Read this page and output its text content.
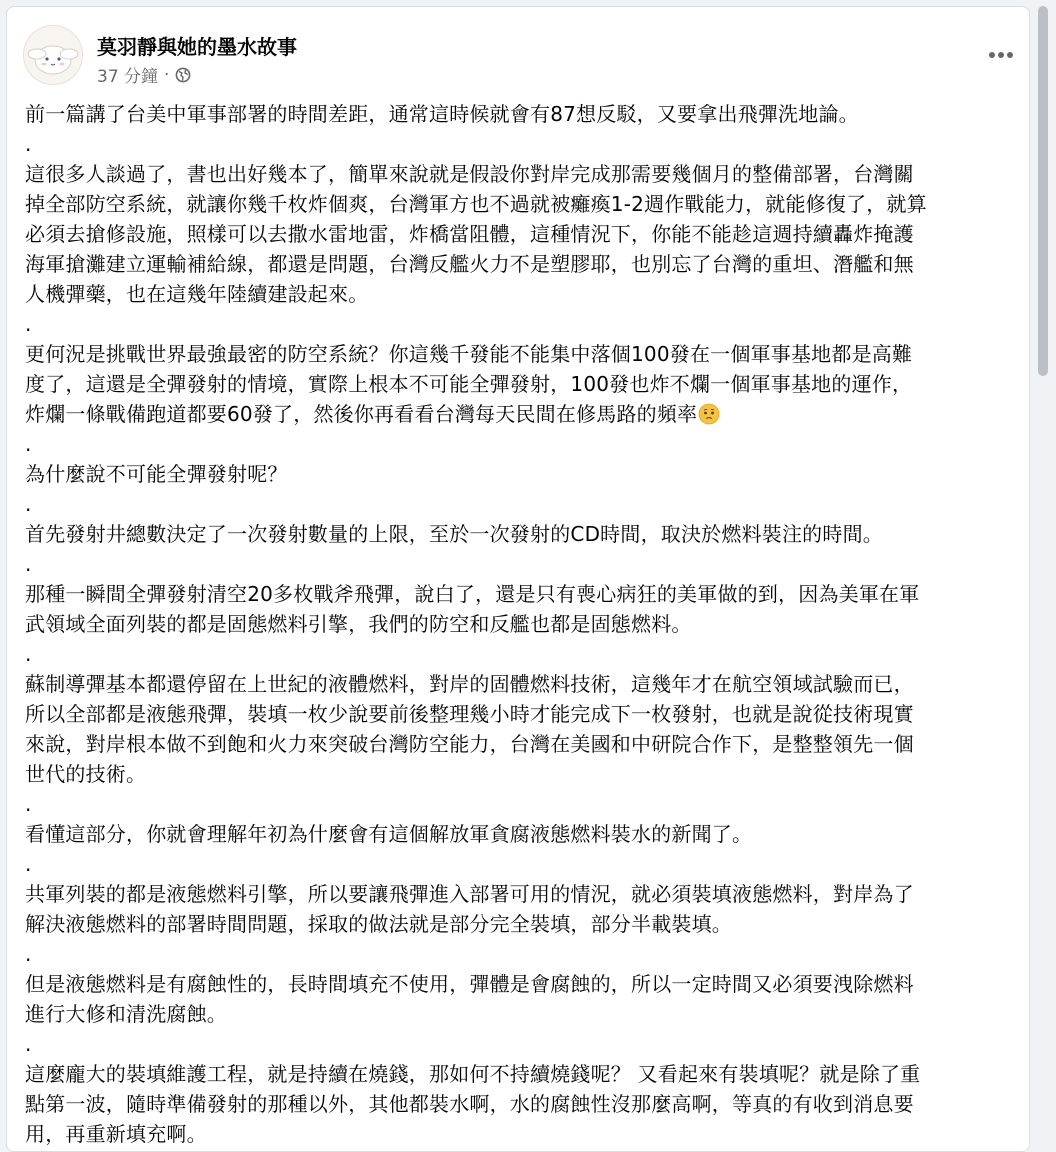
莫羽靜與她的墨水故事
37 分鐘 ·
前一篇講了台美中軍事部署的時間差距，通常這時候就會有87想反駁，又要拿出飛彈洗地論。
.
這很多人談過了，書也出好幾本了，簡單來說就是假設你對岸完成那需要幾個月的整備部署，台灣關
掉全部防空系統，就讓你幾千枚炸個爽，台灣軍方也不過就被癱瘓1-2週作戰能力，就能修復了，就算
必須去搶修設施，照樣可以去撒水雷地雷，炸橋當阻體，這種情況下，你能不能趁這週持續轟炸掩護
海軍搶灘建立運輸補給線，都還是問題，台灣反艦火力不是塑膠耶，也別忘了台灣的重坦、潛艦和無
人機彈藥，也在這幾年陸續建設起來。
.
更何況是挑戰世界最強最密的防空系統？你這幾千發能不能集中落個100發在一個軍事基地都是高難
度了，這還是全彈發射的情境，實際上根本不可能全彈發射，100發也炸不爛一個軍事基地的運作，
炸爛一條戰備跑道都要60發了，然後你再看看台灣每天民間在修馬路的頻率
.
為什麼說不可能全彈發射呢？
.
首先發射井總數決定了一次發射數量的上限，至於一次發射的CD時間，取決於燃料裝注的時間。
.
那種一瞬間全彈發射清空20多枚戰斧飛彈，說白了，還是只有喪心病狂的美軍做的到，因為美軍在軍
武領域全面列裝的都是固態燃料引擎，我們的防空和反艦也都是固態燃料。
.
蘇制導彈基本都還停留在上世紀的液體燃料，對岸的固體燃料技術，這幾年才在航空領域試驗而已，
所以全部都是液態飛彈，裝填一枚少說要前後整理幾小時才能完成下一枚發射，也就是說從技術現實
來說，對岸根本做不到飽和火力來突破台灣防空能力，台灣在美國和中研院合作下，是整整領先一個
世代的技術。
.
看懂這部分，你就會理解年初為什麼會有這個解放軍貪腐液態燃料裝水的新聞了。
.
共軍列裝的都是液態燃料引擎，所以要讓飛彈進入部署可用的情況，就必須裝填液態燃料，對岸為了
解決液態燃料的部署時間問題，採取的做法就是部分完全裝填，部分半載裝填。
.
但是液態燃料是有腐蝕性的，長時間填充不使用，彈體是會腐蝕的，所以一定時間又必須要洩除燃料
進行大修和清洗腐蝕。
.
這麼龐大的裝填維護工程，就是持續在燒錢，那如何不持續燒錢呢？ 又看起來有裝填呢？就是除了重
點第一波，隨時準備發射的那種以外，其他都裝水啊，水的腐蝕性沒那麼高啊，等真的有收到消息要
用，再重新填充啊。
